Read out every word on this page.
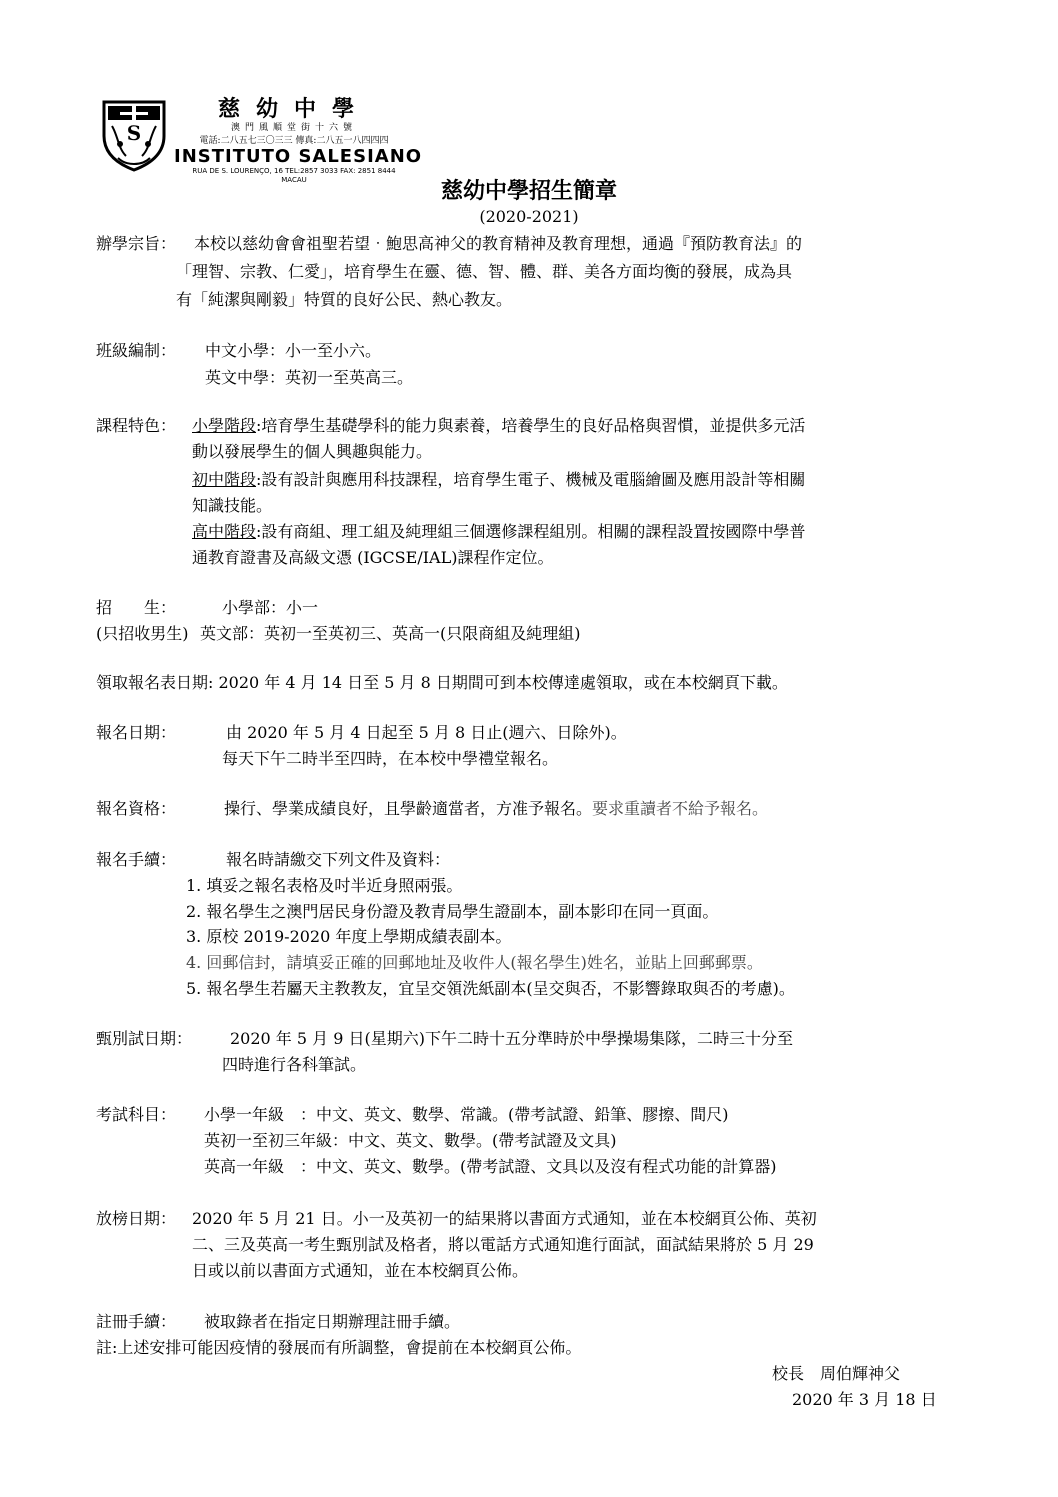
S
慈幼中學
澳門風順堂街十六號
電話:二八五七三〇三三 傳真:二八五一八四四四
INSTITUTO SALESIANO
RUA DE S. LOURENÇO, 16 TEL:2857 3033 FAX: 2851 8444
MACAU	慈幼中學招生簡章
(2020-2021)
辦學宗旨： 本校以慈幼會會祖聖若望‧鮑思高神父的教育精神及教育理想，通過『預防教育法』的
「理智、宗教、仁愛」，培育學生在靈、德、智、體、群、美各方面均衡的發展，成為具
有「純潔與剛毅」特質的良好公民、熱心教友。
班級編制： 中文小學：小一至小六。
英文中學：英初一至英高三。
課程特色： 小學階段:培育學生基礎學科的能力與素養，培養學生的良好品格與習慣，並提供多元活
動以發展學生的個人興趣與能力。
初中階段:設有設計與應用科技課程，培育學生電子、機械及電腦繪圖及應用設計等相關
知識技能。
高中階段:設有商組、理工組及純理組三個選修課程組別。相關的課程設置按國際中學普
通教育證書及高級文憑 (IGCSE/IAL)課程作定位。
招　　生：	小學部：小一
(只招收男生) 英文部：英初一至英初三、英高一(只限商組及純理組)
領取報名表日期: 2020 年 4 月 14 日至 5 月 8 日期間可到本校傳達處領取，或在本校網頁下載。
報名日期：	由 2020 年 5 月 4 日起至 5 月 8 日止(週六、日除外)。
每天下午二時半至四時，在本校中學禮堂報名。
報名資格：	操行、學業成績良好，且學齡適當者，方准予報名。要求重讀者不給予報名。
報名手續：	報名時請繳交下列文件及資料：
1. 填妥之報名表格及吋半近身照兩張。
2. 報名學生之澳門居民身份證及教青局學生證副本，副本影印在同一頁面。
3. 原校 2019-2020 年度上學期成績表副本。
4. 回郵信封，請填妥正確的回郵地址及收件人(報名學生)姓名，並貼上回郵郵票。
5. 報名學生若屬天主教教友，宜呈交領洗紙副本(呈交與否，不影響錄取與否的考慮)。
甄別試日期： 2020 年 5 月 9 日(星期六)下午二時十五分準時於中學操場集隊，二時三十分至
四時進行各科筆試。
考試科目： 小學一年級　：中文、英文、數學、常識。(帶考試證、鉛筆、膠擦、間尺)
英初一至初三年級：中文、英文、數學。(帶考試證及文具)
英高一年級　：中文、英文、數學。(帶考試證、文具以及沒有程式功能的計算器)
放榜日期： 2020 年 5 月 21 日。小一及英初一的結果將以書面方式通知，並在本校網頁公佈、英初
二、三及英高一考生甄別試及格者，將以電話方式通知進行面試，面試結果將於 5 月 29
日或以前以書面方式通知，並在本校網頁公佈。
註冊手續： 被取錄者在指定日期辦理註冊手續。
註:上述安排可能因疫情的發展而有所調整，會提前在本校網頁公佈。
校長　周伯輝神父
2020 年 3 月 18 日
